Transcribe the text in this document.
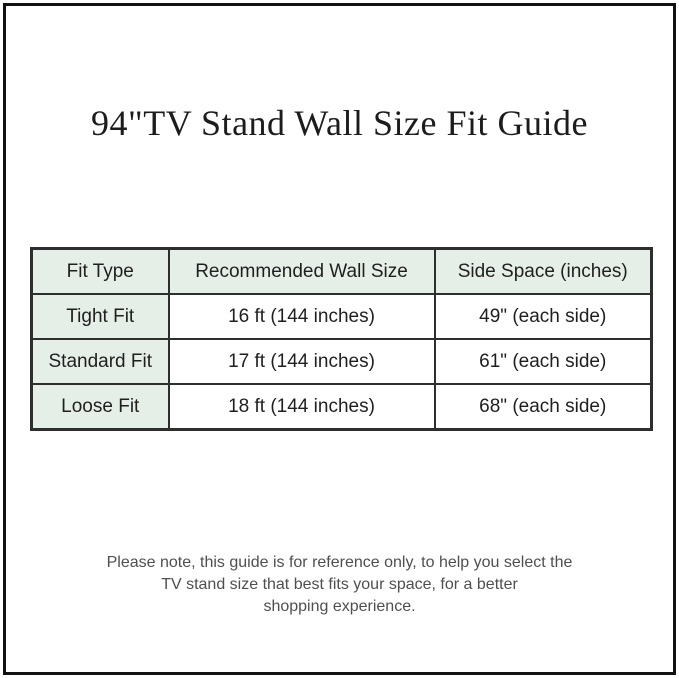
94"TV Stand Wall Size Fit Guide
Fit Type	Recommended Wall Size	Side Space (inches)
Tight Fit	16 ft (144 inches)	49" (each side)
Standard Fit	17 ft (144 inches)	61" (each side)
Loose Fit	18 ft (144 inches)	68" (each side)
Please note, this guide is for reference only, to help you select the
TV stand size that best fits your space, for a better
shopping experience.
